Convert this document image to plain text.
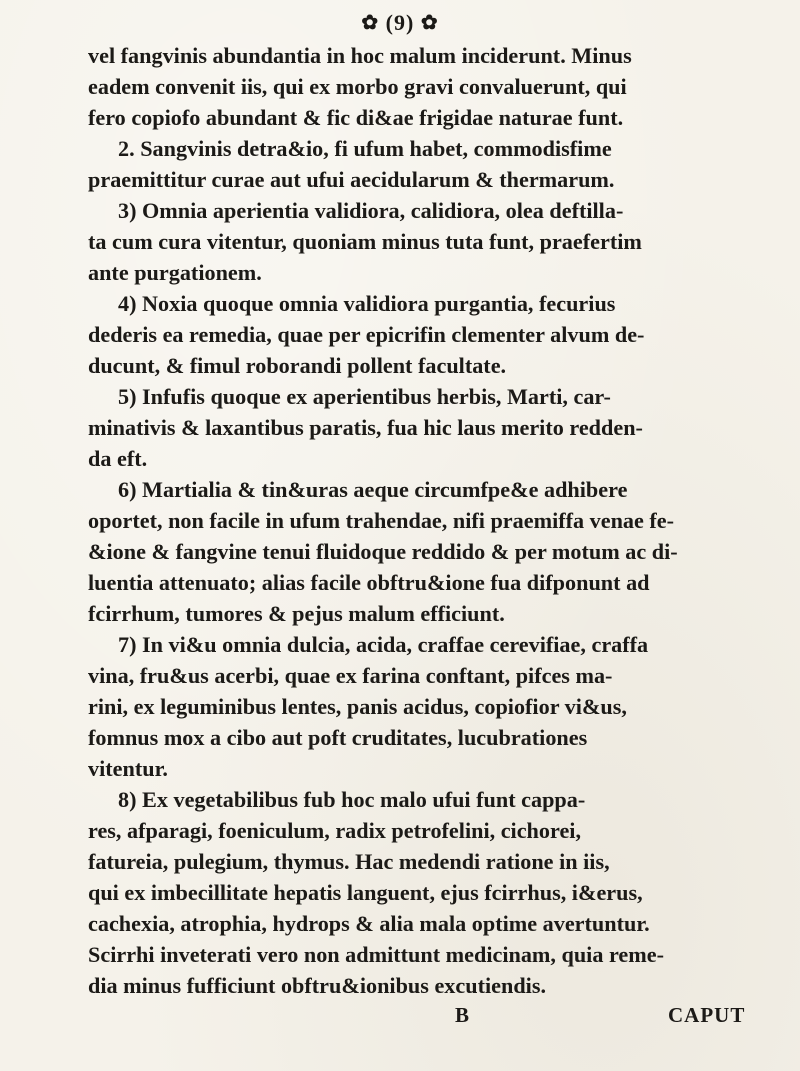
✿ (9) ✿
vel fangvinis abundantia in hoc malum inciderunt. Minus
eadem convenit iis, qui ex morbo gravi convaluerunt, qui
fero copiofo abundant & fic di&ae frigidae naturae funt.
2. Sangvinis detra&io, fi ufum habet, commodisfime
praemittitur curae aut ufui aecidularum & thermarum.
3) Omnia aperientia validiora, calidiora, olea deftilla-
ta cum cura vitentur, quoniam minus tuta funt, praefertim
ante purgationem.
4) Noxia quoque omnia validiora purgantia, fecurius
dederis ea remedia, quae per epicrifin clementer alvum de-
ducunt, & fimul roborandi pollent facultate.
5) Infufis quoque ex aperientibus herbis, Marti, car-
minativis & laxantibus paratis, fua hic laus merito redden-
da eft.
6) Martialia & tin&uras aeque circumfpe&e adhibere
oportet, non facile in ufum trahendae, nifi praemiffa venae fe-
&ione & fangvine tenui fluidoque reddido & per motum ac di-
luentia attenuato; alias facile obftru&ione fua difponunt ad
fcirrhum, tumores & pejus malum efficiunt.
7) In vi&u omnia dulcia, acida, craffae cerevifiae, craffa
vina, fru&us acerbi, quae ex farina conftant, pifces ma-
rini, ex leguminibus lentes, panis acidus, copiofior vi&us,
fomnus mox a cibo aut poft cruditates, lucubrationes
vitentur.
8) Ex vegetabilibus fub hoc malo ufui funt cappa-
res, afparagi, foeniculum, radix petrofelini, cichorei,
fatureia, pulegium, thymus. Hac medendi ratione in iis,
qui ex imbecillitate hepatis languent, ejus fcirrhus, i&erus,
cachexia, atrophia, hydrops & alia mala optime avertuntur.
Scirrhi inveterati vero non admittunt medicinam, quia reme-
dia minus fufficiunt obftru&ionibus excutiendis.
B	CAPUT
